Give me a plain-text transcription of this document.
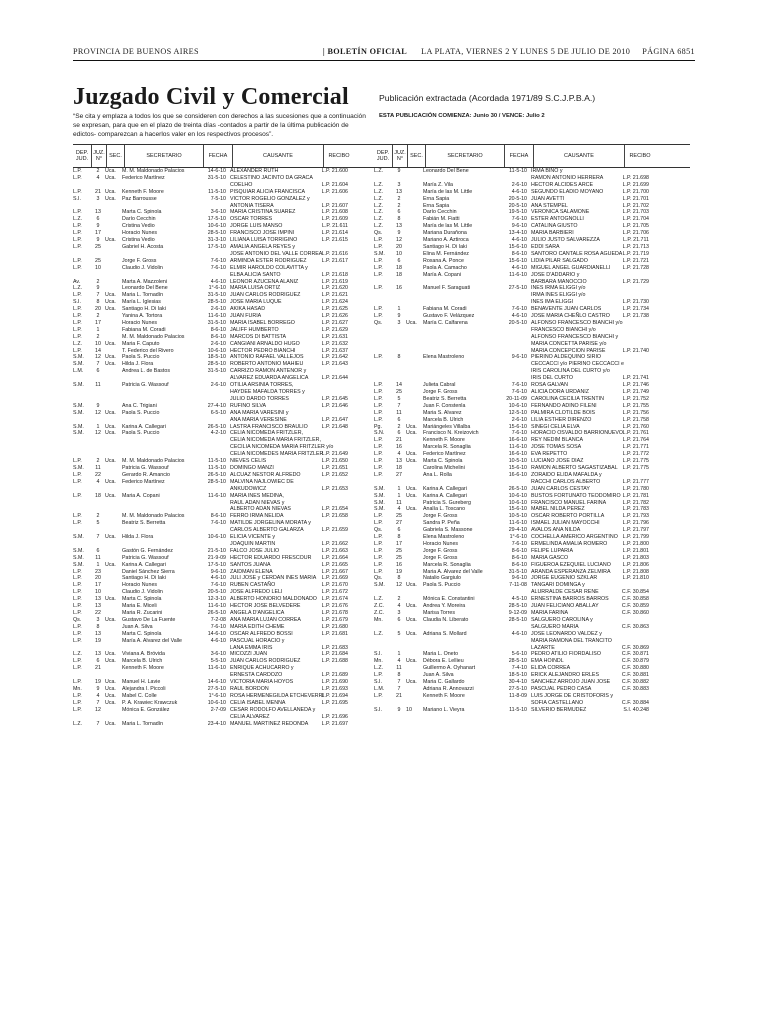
PROVINCIA DE BUENOS AIRES	| BOLETÍN OFICIAL LA PLATA, VIERNES 2 Y LUNES 5 DE JULIO DE 2010 PÁGINA 6851
Juzgado Civil y Comercial	Publicación extractada (Acordada 1971/89 S.C.J.P.B.A.)
“Se cita y emplaza a todos los que se consideren con derechos a las sucesiones que a continuación se expresan, para que en el plazo de treinta días -contados a partir de la última publicación de edictos- comparezcan a hacerlos valer en los respectivos procesos”.
ESTA PUBLICACIÓN COMIENZA: Junio 30 / VENCE: Julio 2
DEP. JUD.
JUZ. N°
SEC.	SECRETARIO	FECHA	CAUSANTE	RECIBO
L.P.	2	Uca.	M. M. Maldonado Palacios	14-6-10 ALEXANDER RUTH	L.P. 21.600
L.P.	4	Uca.	Federico Martínez	31-5-10 CELESTINO JACINTO DA GRACA
COELHO	L.P. 21.604
L.P.	21 Uca.	Kenneth F. Moore	11-5-10 PISQUIAR ALICIA FRANCISCA	L.P. 21.606
S.I.	3	Uca.	Paz Barrousse	7-5-10 VICTOR ROGELIO GONZALEZ y
ANTONIA TISERA	L.P. 21.607
L.P.	13	Marta C. Spinola	3-6-10 MARIA CRISTINA SUAREZ	L.P. 21.608
L.Z.	6	Darío Cecchin	17-5-10 OSCAR TORRES	L.P. 21.609
L.P.	9	Cristina Vedio	10-6-10 JORGE LUIS MANSO	L.P. 21.611
L.P.	17	Horacio Nunes	28-5-10 FRANCISCO JOSE IMPINI	L.P. 21.614
L.P.	9	Uca.	Cristina Vedio	31-3-10 LILIANA LUISA TORRIGINO	L.P. 21.615
L.P.	25	Gabriel H. Acosta	17-5-10 AMALIA ANGELA REYES y
JOSE ANTONIO DEL VALLE CORREA L.P. 21.616
L.P.	25	Jorge F. Gross	7-6-10 ARMINDA ESTER RODRIGUEZ	L.P. 21.617
L.P.	10	Claudio J. Vidolin	7-6-10 ELMIR HAROLDO COLAVITTA y
ELBA ALICIA SANTO	L.P. 21.618
Av.	2	Marta A. Mazzoleni	4-6-10 LEONOR AZUCENA ALANIZ	L.P. 21.619
L.Z.	9	Leonardo Del Bene	1°-6-10 MARIA LUISA ORTIZ	L.P. 21.620
L.P.	7	Uca.	Maria L. Tornadín	31-5-10 JUAN CARLOS RODRIGUEZ	L.P. 21.621
S.I.	8	Uca.	María L. Iglesias	28-5-10 JOSE MARIA LUQUE	L.P. 21.624
L.P.	20 Uca.	Santiago H. Di Iaki	2-6-10 AKIKA HASAD	L.P. 21.625
L.P.	2	Yanina A. Tortora	11-6-10 JUAN FURIA	L.P. 21.626
L.P.	17	Horacio Nunes	31-5-10 MARIA ISABEL BORREGO	L.P. 21.627
L.P.	1	Fabiana M. Coradi	8-6-10 JALIFF HUMBERTO	L.P. 21.629
L.P.	2	M. M. Maldonado Palacios	8-6-10 MARCOS DI BATTISTA	L.P. 21.631
L.Z.	10 Uca.	Maria F. Caputo	2-6-10 CANGIANI ARNALDO HUGO	L.P. 21.632
L.P.	14	T. Federico del Rivero	10-6-10 HECTOR PEDRO BIANCHI	L.P. 21.637
S.M.	12 Uca.	Paola S. Puccio	18-5-10 ANTONIO RAFAEL VALLEJOS	L.P. 21.642
S.M.	7	Uca.	Hilda J. Flora	28-5-10 ROBERTO ANTONIO MAHIEU	L.P. 21.643
L.M.	6	Andrea L. de Bastos	31-5-10 CARRIZO RAMON ANTENOR y
ALVAREZ EDUARDA ANGELICA	L.P. 21.644
S.M.	11	Patricia G. Wassouf	2-6-10 OTILIA ARSINIA TORRES,
HAYDEE MAFALDA TORRES y
JULIO DARDO TORRES	L.P. 21.645
S.M.	9	Ana C. Trigiani	27-4-10 RUFINO SILVA	L.P. 21.646
S.M.	12 Uca.	Paola S. Puccio	6-5-10 ANA MARIA VARESINI y
ANA MARIA VERESINE	L.P. 21.647
S.M.	1	Uca.	Karina A. Callegari	26-5-10 LASTRA FRANCISCO BRAULIO	L.P. 21.648
S.M.	12 Uca.	Paola S. Puccio	4-2-10 CELIA NICOMEDA FRITZLER,
CELIA NICOMEDA MARIA FRITZLER,
CECILIA NICOMEDA MARIA FRITZLER y/o
CELIA NICOMEDES MARIA FRITZLER
L.P. 21.649
L.P.	2	Uca.	M. M. Maldonado Palacios	11-5-10 NIEVES CELIS	L.P. 21.650
S.M.	11	Patricia G. Wassouf	11-5-10 DOMINGO MANZI	L.P. 21.651
L.P.	22	Gerardo R. Amancio	26-5-10 ALCUAZ NESTOR ALFREDO	L.P. 21.652
L.P.	4	Uca.	Federico Martínez	28-5-10 MALVINA NAJLOWIEC DE
ANKUDOWICZ	L.P. 21.653
L.P.	18 Uca.	Maria A. Copani	11-6-10 MARIA INES MEDINA,
RAUL ADAN NIEVAS y
ALBERTO ADAN NIEVAS	L.P. 21.654
L.P.	2	M. M. Maldonado Palacios	8-6-10 FERRO IRMA NELIDA	L.P. 21.658
L.P.	5	Beatriz S. Berretta	7-6-10 MATILDE JORGELINA MORATA y
CARLOS ALBERTO GALARZA	L.P. 21.659
S.M.	7	Uca.	Hilda J. Flora	10-6-10 ELICIA VICENTE y
JOAQUIN MARTIN	L.P. 21.662
S.M.	6	Gastón G. Fernández	21-5-10 FALCO JOSE JULIO	L.P. 21.663
S.M.	11	Patricia G. Wassouf	21-9-09 HECTOR EDUARDO FRESCOUR	L.P. 21.664
S.M.	1	Uca.	Karina A. Callegari	17-5-10 SANTOS JUANA	L.P. 21.665
L.P.	23	Daniel Sánchez Sierra	9-6-10 ZAIDMAN ELENA	L.P. 21.667
L.P.	20	Santiago H. Di Iaki	4-6-10 JULI JOSE y CERDAN INES MARIA	L.P. 21.669
L.P.	17	Horacio Nunes	7-6-10 RUBEN CASTAÑO	L.P. 21.670
L.P.	10	Claudio J. Vidolin	20-5-10 JOSE ALFREDO LELI	L.P. 21.672
L.P.	13 Uca.	Marta C. Spinola	12-3-10 ALBERTO HONORIO MALDONADO L.P. 21.674
L.P.	13	Maria E. Miceli	11-6-10 HECTOR JOSE BELVEDERE	L.P. 21.676
L.P.	22	Maria R. Zucarini	26-5-10 ANGELA D'ANGELICA	L.P. 21.678
Qs.	3	Uca.	Gustavo De La Fuente	7-2-08 ANA MARIA LUJAN CORREA	L.P. 21.679
L.P.	8	Juan A. Silva	7-6-10 MARIA EDITH CHEME	L.P. 21.680
L.P.	13	Marta C. Spinola	14-6-10 OSCAR ALFREDO BOSSI	L.P. 21.681
L.P.	19	María A. Alvarez del Valle	4-6-10 PASCUAL HORACIO y
LANA EMMA IRIS	L.P. 21.683
L.Z.	13 Uca.	Viviana A. Bróvida	3-6-10 MICOZZI JUAN	L.P. 21.684
L.P.	6	Uca.	Marcela B. Ulrich	5-5-10 JUAN CARLOS RODRIGUEZ	L.P. 21.688
L.P.	21	Kenneth F. Moore	11-6-10 ENRIQUE ACHUCARRO y
ERNESTA CARDOZO	L.P. 21.689
L.P.	19 Uca.	Manuel H. Lavie	14-6-10 VICTORIA MARIA HOYOS	L.P. 21.690
Mn.	9	Uca.	Alejandra I. Piccoli	27-5-10 RAUL BORDON	L.P. 21.693
L.P.	4	Uca.	Mabel C. Colle	1°-6-10 ROSA HERMENEGILDA ETCHEVERRI
L.P. 21.694
L.P.	7	Uca.	P. A. Krawiec Krawczuk	10-6-10 CELIA ISABEL MENNA	L.P. 21.695
L.P.	12	Mónica E. González	2-7-09 CESAR RODOLFO AVELLANEDA y
CELIA ALVAREZ	L.P. 21.696
L.Z.	7	Uca.	Maria L. Tornadín	23-4-10 MANUEL MARTINEZ REDONDA	L.P. 21.697
DEP. JUD.
JUZ. N°
SEC.	SECRETARIO	FECHA	CAUSANTE	RECIBO
L.Z.	9	Leonardo Del Bene	11-5-10 IRMA BIÑO y
RAMON ANTONIO HERRERA	L.P. 21.698
L.Z.	3	María Z. Vila	2-6-10 HECTOR ALCIDES ARCE	L.P. 21.699
L.Z.	13	María de las M. Little	4-6-10 SEGUNDO ELADIO MOYANO	L.P. 21.700
L.Z.	2	Erna Sapia	20-5-10 JUAN AVETTI	L.P. 21.701
L.Z.	2	Erna Sapia	20-5-10 ANA STEMPEL	L.P. 21.702
L.Z.	6	Darío Cecchin	19-5-10 VERONICA SALAMONE	L.P. 21.703
L.Z.	8	Fabián M. Fiatti	7-6-10 ESTER ANTOGNOLLI	L.P. 21.704
L.Z.	13	María de las M. Little	9-6-10 CATALINA GIUSTO	L.P. 21.705
Qs.	9	Mariana Duraňona	13-4-10 MARIA BARBIERI	L.P. 21.706
L.P.	12	Mariano A. Aztiroca	4-6-10 JULIO JUSTO SALVAREZZA	L.P. 21.711
L.P.	20	Santiago H. Di Iaki	15-6-10 EDDI SARA	L.P. 21.713
S.M.	10	Elina M. Fernández	8-6-10 SANTORO CANTALE ROSA AGUEDA L.P. 21.719
L.P.	6	Roxana A. Ponce	15-6-10 LIDIA PILAR SALGADO	L.P. 21.721
L.P.	18	Paola A. Camacho	4-6-10 MIGUEL ANGEL GUARDIANELLI	L.P. 21.728
L.P.	18	María A. Copani	11-6-10 JOSE D'ADDARIO y
BARBARA MANOCCIO	L.P. 21.729
L.P.	16	Manuel F. Saraguati	27-5-10 INES IRMA ELIGGI y/o
IRMA INES ELIGGI y/o
INES IMA ELIGGI	L.P. 21.730
L.P.	1	Fabiana M. Coradi	7-6-10 BENAVENTE JUAN CARLOS	L.P. 21.734
L.P.	9	Gustavo F. Velázquez	4-6-10 JOSE MARIA CHEÑLO CASTRO	L.P. 21.738
Qs.	3	Uca.	María C. Calfarena	20-5-10 ALFONSO FRANCESCO BIANCHI y/o
FRANCESCO BIANCHI y/o
ALFONSO FRANCESCO BIANCHI y
MARIA CONCETTA PARISE y/o
MARIA CONCEPCION PARISE	L.P. 21.740
L.P.	8	Elena Mastroleno	9-6-10 PIERINO ALDEQUINO SIRIO
CECCACCI y/o PIERINO CECCACCI e
IRIS CAROLINA DEL CURTO y/o
IRIS DEL CURTO	L.P. 21.741
L.P.	14	Julieta Cabral	7-6-10 ROSA GALVAN	L.P. 21.746
L.P.	25	Jorge F. Gross	7-6-10 ALICIA DORA URDANIZ	L.P. 21.749
L.P.	5	Beatriz S. Berretta	20-11-09 CAROLINA CECILIA TRENTIN	L.P. 21.752
L.P.	7	Juan F. Constenla	10-6-10 FERNANDO ADINO FILENI	L.P. 21.755
L.P.	11	Maria S. Alvarez	12-5-10 PALMIRA CLOTILDE BOIS	L.P. 21.756
L.P.	6	Marcela B. Ulrich	2-6-10 LILIA ESTHER DIRENZO	L.P. 21.758
Pg.	2	Uca.	Mariángeles Villalba	15-6-10 SINEGI CELIA ELVA	L.P. 21.760
S.N.	6	Uca.	Francisco N. Kreizovich	7-6-10 HORACIO OSVALDO BARRIONUEVO L.P. 21.761
L.P.	21	Kenneth F. Moore	16-6-10 REY NEDIM BLANCA	L.P. 21.764
L.P.	16	Marcela R. Sonaglia	11-6-10 JOSE TOMAS SOSA	L.P. 21.771
L.P.	4	Uca.	Federico Martínez	16-6-10 EVA REPETTO	L.P. 21.772
L.P.	13 Uca.	Marta C. Spinola	10-5-10 LUCIANO JOSE DIAZ	L.P. 21.775
L.P.	18	Carolina Michelini	15-6-10 RAMON ALBERTO SAGASTIZABAL L.P. 21.775
L.P.	27	Ana L. Rolla	16-6-10 ZORAIDO ELIDA MAFALDA y
RACCHI CARLOS ALBERTO	L.P. 21.777
S.M.	1	Uca.	Karina A. Callegari	26-5-10 JUAN CARLOS CESTAY	L.P. 21.780
S.M.	1	Uca.	Karina A. Callegari	10-6-10 BUSTOS FORTUNATO TEODOMIRO L.P. 21.781
S.M.	11	Patricia S. Gureberg	10-6-10 FRANCISCO MANUEL FARINA	L.P. 21.782
S.M.	4	Uca.	Analía L. Toscano	15-6-10 MABEL NILDA PEREZ	L.P. 21.783
L.P.	25	Jorge F. Gross	10-5-10 OSCAR ROBERTO PORTILLA	L.P. 21.793
L.P.	27	Sandra P. Peña	11-6-10 ISMAEL JULIAN MAYOCCHI	L.P. 21.796
Qs.	6	Gabriela S. Massone	29-4-10 AVALOS ANA NILDA	L.P. 21.797
L.P.	8	Elena Mastroleno	1°-6-10 COCHELLA AMERICO ARGENTINO L.P. 21.799
L.P.	17	Horacio Nunes	7-6-10 ERMELINDA AMALIA ROMERO	L.P. 21.800
L.P.	25	Jorge F. Gross	8-6-10 FELIPE LUPARIA	L.P. 21.801
L.P.	25	Jorge F. Gross	8-6-10 MARIA GASCO	L.P. 21.803
L.P.	16	Marcela R. Sonaglia	8-6-10 FIGUEROA EZEQUIEL LUCIANO	L.P. 21.806
L.P.	19	Maria A. Alvarez del Valle	31-5-10 ARANDA ESPERANZA ZELMIRA	L.P. 21.808
Qs.	8	Natalio Gargiulo	9-6-10 JORGE EUGENIO SZKLAR	L.P. 21.810
S.M.	12 Uca.	Paola S. Puccio	7-11-08 TANGARI DOMINGA y
ALURRALDE CESAR RENE	C.F. 30.854
L.Z.	2	Mónica E. Constantini	4-5-10 ERNESTINA BARROS BARROS	C.F. 30.858
Z.C.	4	Uca.	Andrea Y. Moreira	28-5-10 JUAN FELICIANO ABALLAY	C.F. 30.859
Z.C.	3	Marisa Torres	9-12-09 MARIA FARINA	C.F. 30.860
Mn.	6	Uca.	Claudia N. Liberato	28-5-10 SALGUERO CAROLINA y
SALGUERO MARIA	C.F. 30.863
L.Z.	5	Uca.	Adriana S. Mollard	4-6-10 JOSE LEONARDO VALDEZ y
MARIA RAMONA DEL TRANCITO
LAZARTE	C.F. 30.869
S.I.	1	Maria L. Oneto	5-6-10 PEDRO ATILIO FIORDALISO	C.F. 30.871
Mn.	4	Uca.	Débora E. Lellieu	28-5-10 EMA HOINDL	C.F. 30.879
L.Z.	11	Guillermo A. Oyhanart	7-4-10 ELIDA CORREA	C.F. 30.880
L.P.	8	Juan A. Silva	18-5-10 ERICK ALEJANDRO ERLES	C.F. 30.881
S.I.	7	Uca.	Maria C. Gallardo	30-4-10 SANCHEZ ARROJO JUAN JOSE	C.F. 30.882
L.M.	7	Adriana R. Annovazzi	27-5-10 PASCUAL PEDRO CASA	C.F. 30.883
L.P.	21	Kenneth F. Moore	11-8-09 LUIS JORGE DE CRISTOFORIS y
SOFIA CASTELLANO	C.F. 30.884
S.I.	9	10	Mariano L. Vieyra	11-5-10 SILVERIO BERMUDEZ	S.I. 40.248
